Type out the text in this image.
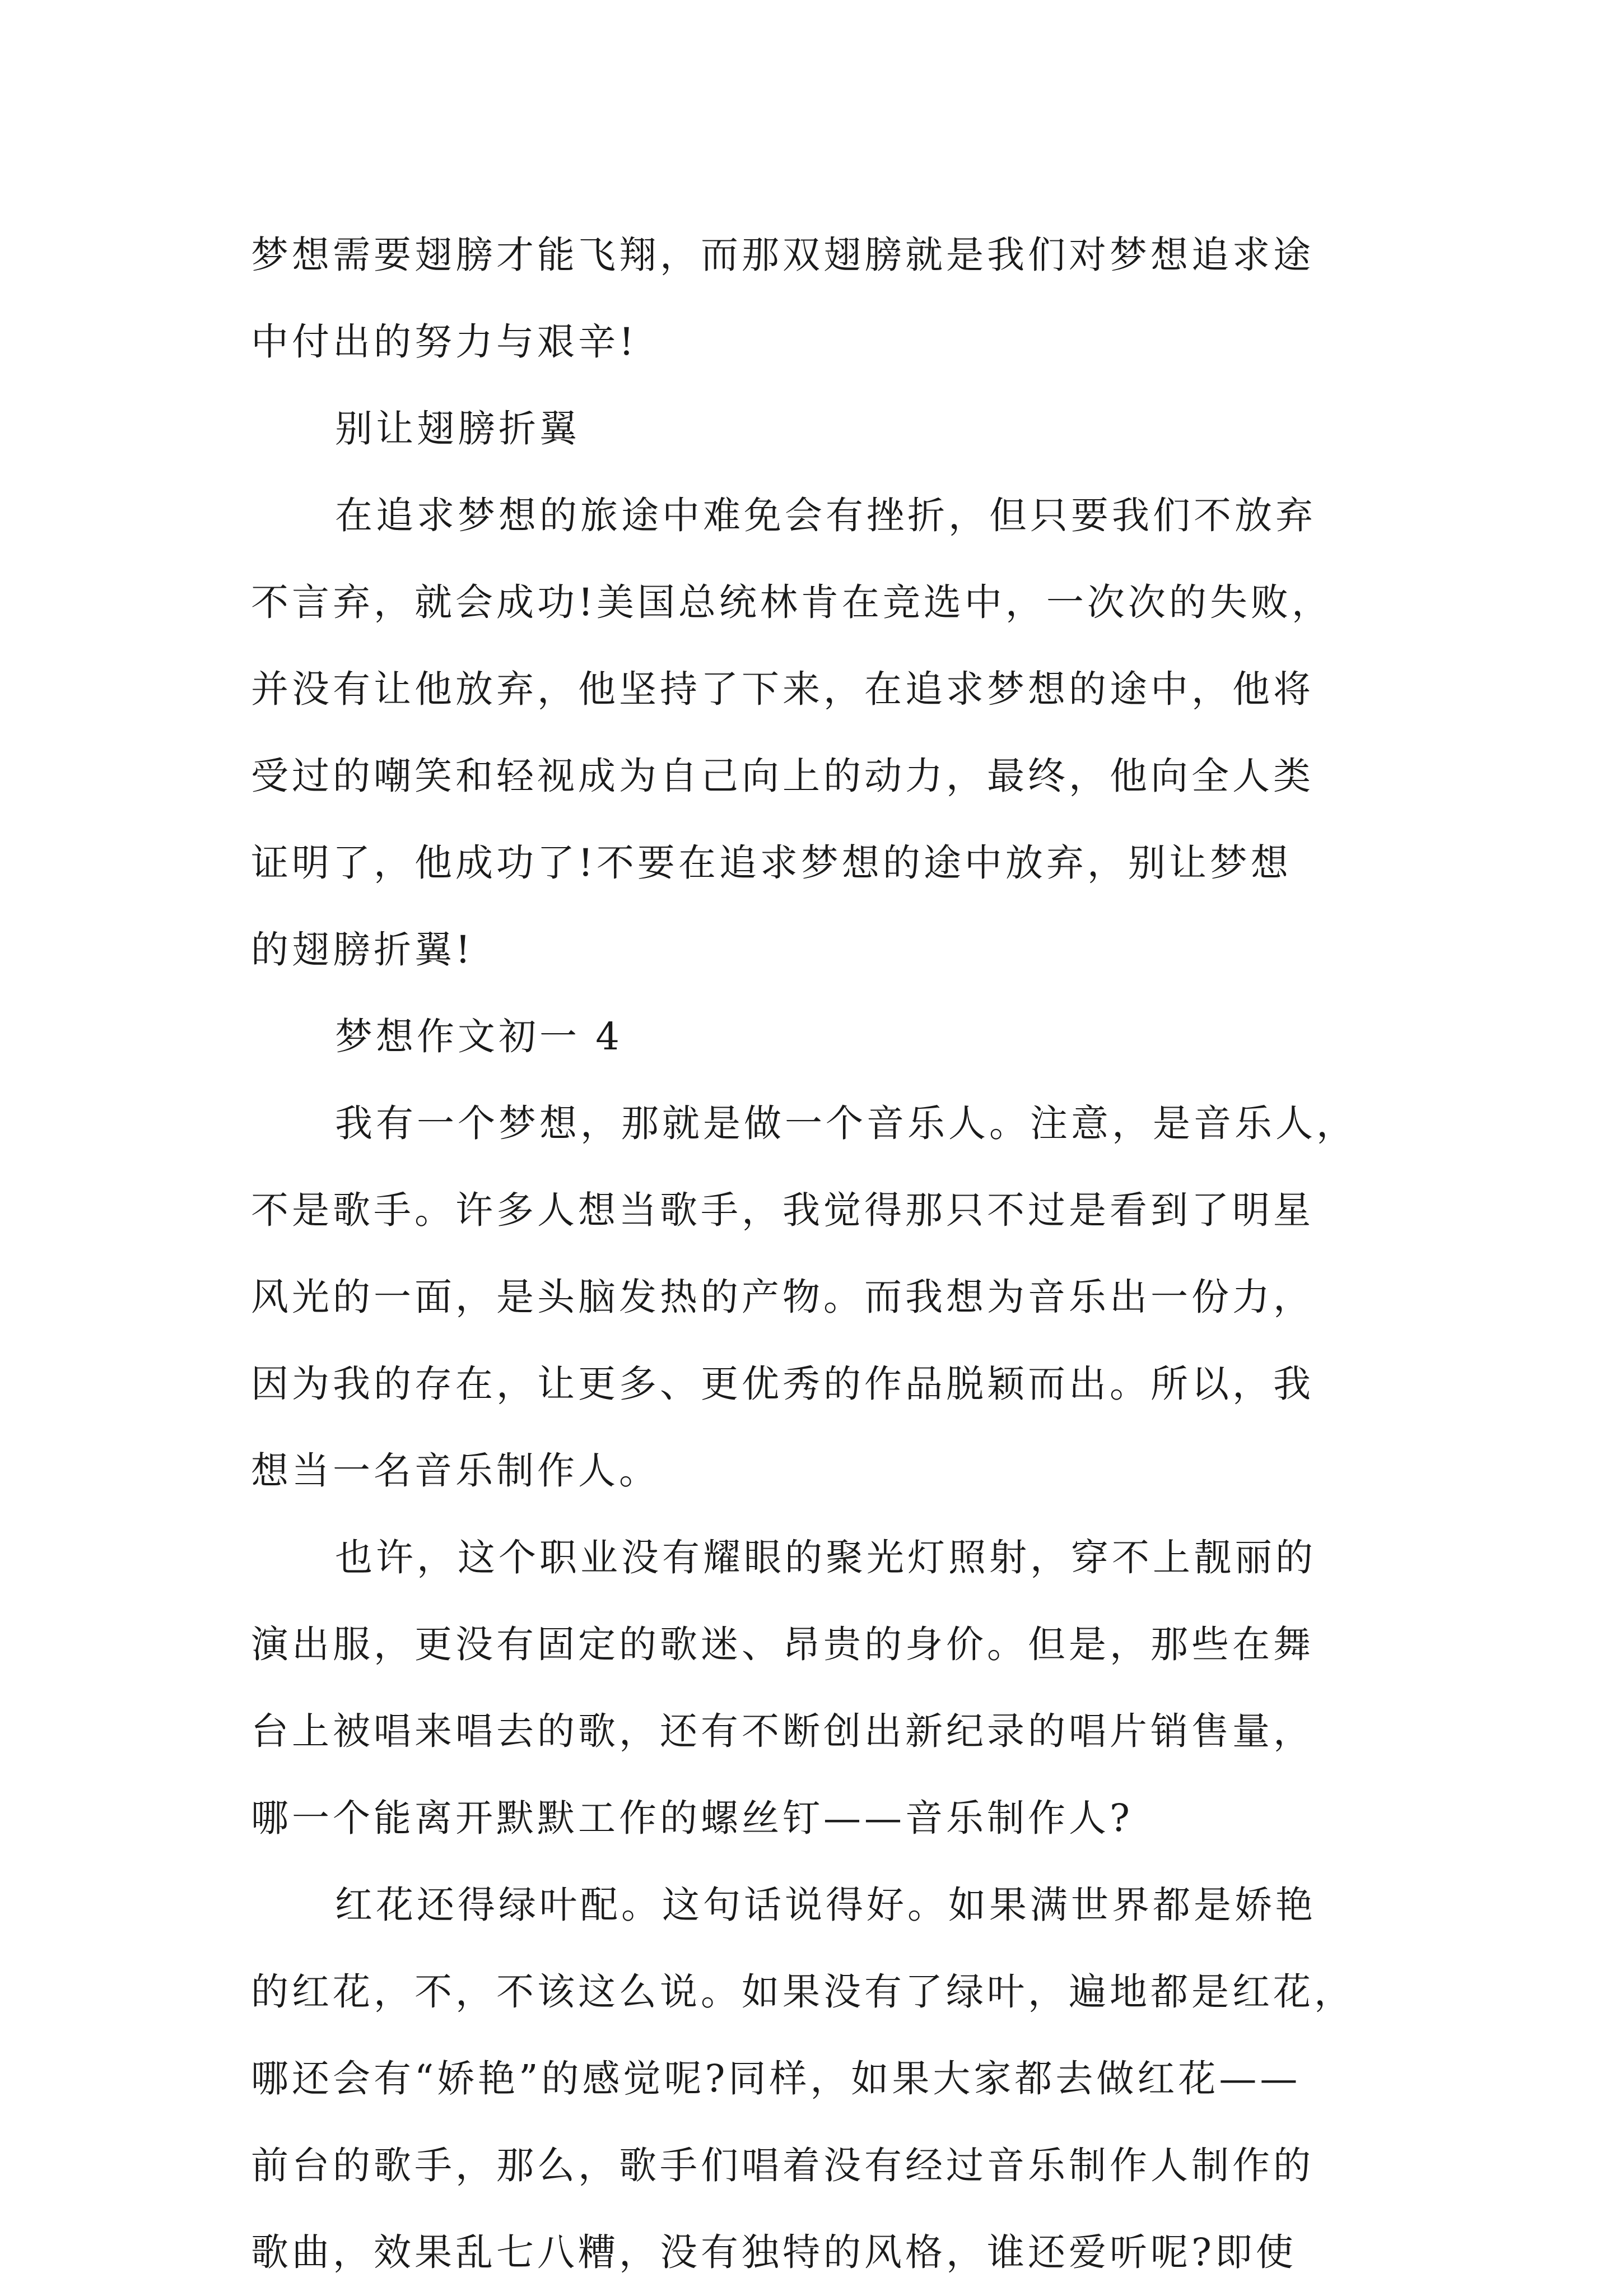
梦想需要翅膀才能飞翔，而那双翅膀就是我们对梦想追求途
中付出的努力与艰辛!
别让翅膀折翼
在追求梦想的旅途中难免会有挫折，但只要我们不放弃
不言弃，就会成功!美国总统林肯在竞选中，一次次的失败，
并没有让他放弃，他坚持了下来，在追求梦想的途中，他将
受过的嘲笑和轻视成为自己向上的动力，最终，他向全人类
证明了，他成功了!不要在追求梦想的途中放弃，别让梦想
的翅膀折翼!
梦想作文初一 4
我有一个梦想，那就是做一个音乐人。注意，是音乐人，
不是歌手。许多人想当歌手，我觉得那只不过是看到了明星
风光的一面，是头脑发热的产物。而我想为音乐出一份力，
因为我的存在，让更多、更优秀的作品脱颖而出。所以，我
想当一名音乐制作人。
也许，这个职业没有耀眼的聚光灯照射，穿不上靓丽的
演出服，更没有固定的歌迷、昂贵的身价。但是，那些在舞
台上被唱来唱去的歌，还有不断创出新纪录的唱片销售量，
哪一个能离开默默工作的螺丝钉——音乐制作人?
红花还得绿叶配。这句话说得好。如果满世界都是娇艳
的红花，不，不该这么说。如果没有了绿叶，遍地都是红花，
哪还会有“娇艳”的感觉呢?同样，如果大家都去做红花——
前台的歌手，那么，歌手们唱着没有经过音乐制作人制作的
歌曲，效果乱七八糟，没有独特的风格，谁还爱听呢?即使
